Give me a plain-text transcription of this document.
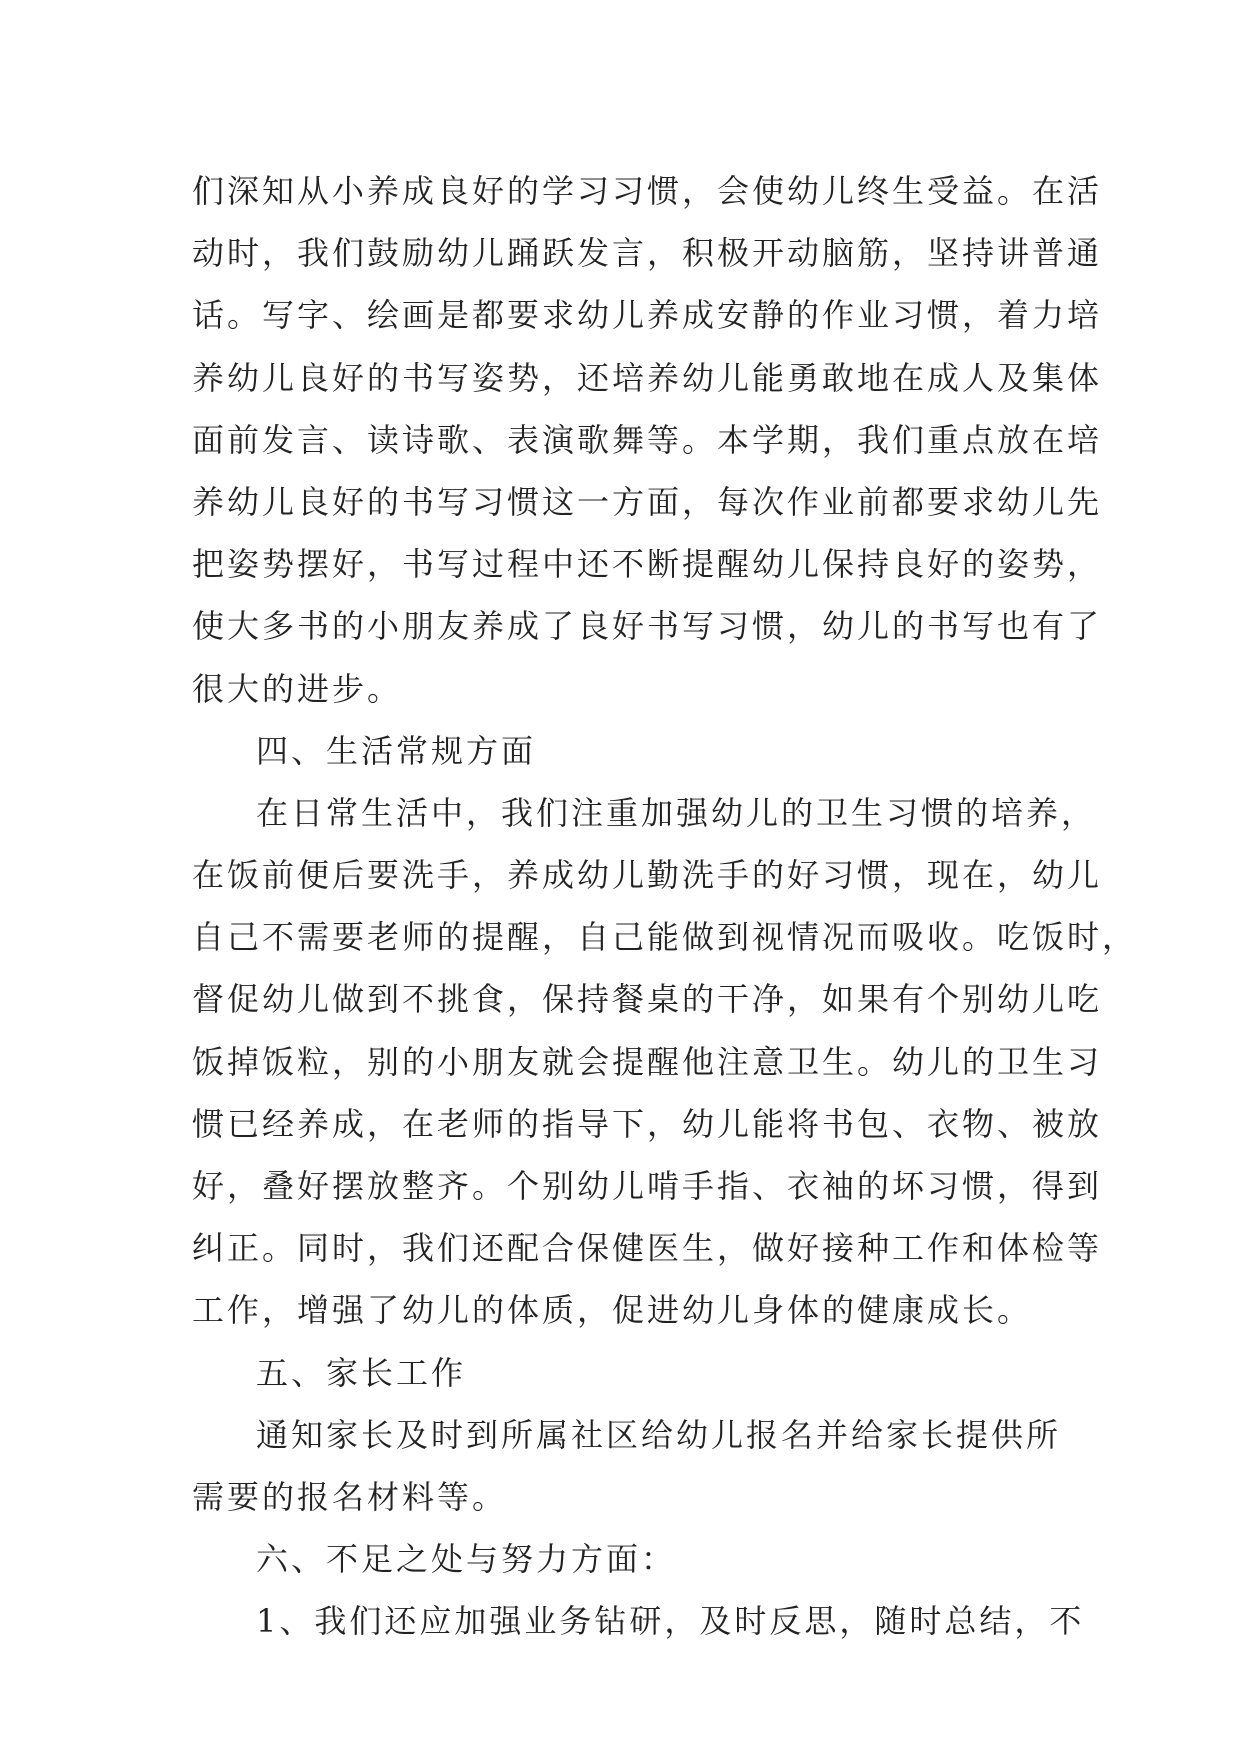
们深知从小养成良好的学习习惯，会使幼儿终生受益。在活
动时，我们鼓励幼儿踊跃发言，积极开动脑筋，坚持讲普通
话。写字、绘画是都要求幼儿养成安静的作业习惯，着力培
养幼儿良好的书写姿势，还培养幼儿能勇敢地在成人及集体
面前发言、读诗歌、表演歌舞等。本学期，我们重点放在培
养幼儿良好的书写习惯这一方面，每次作业前都要求幼儿先
把姿势摆好，书写过程中还不断提醒幼儿保持良好的姿势，
使大多书的小朋友养成了良好书写习惯，幼儿的书写也有了
很大的进步。
四、生活常规方面
在日常生活中，我们注重加强幼儿的卫生习惯的培养，
在饭前便后要洗手，养成幼儿勤洗手的好习惯，现在，幼儿
自己不需要老师的提醒，自己能做到视情况而吸收。吃饭时，
督促幼儿做到不挑食，保持餐桌的干净，如果有个别幼儿吃
饭掉饭粒，别的小朋友就会提醒他注意卫生。幼儿的卫生习
惯已经养成，在老师的指导下，幼儿能将书包、衣物、被放
好，叠好摆放整齐。个别幼儿啃手指、衣袖的坏习惯，得到
纠正。同时，我们还配合保健医生，做好接种工作和体检等
工作，增强了幼儿的体质，促进幼儿身体的健康成长。
五、家长工作
通知家长及时到所属社区给幼儿报名并给家长提供所
需要的报名材料等。
六、不足之处与努力方面：
1、我们还应加强业务钻研，及时反思，随时总结，不
